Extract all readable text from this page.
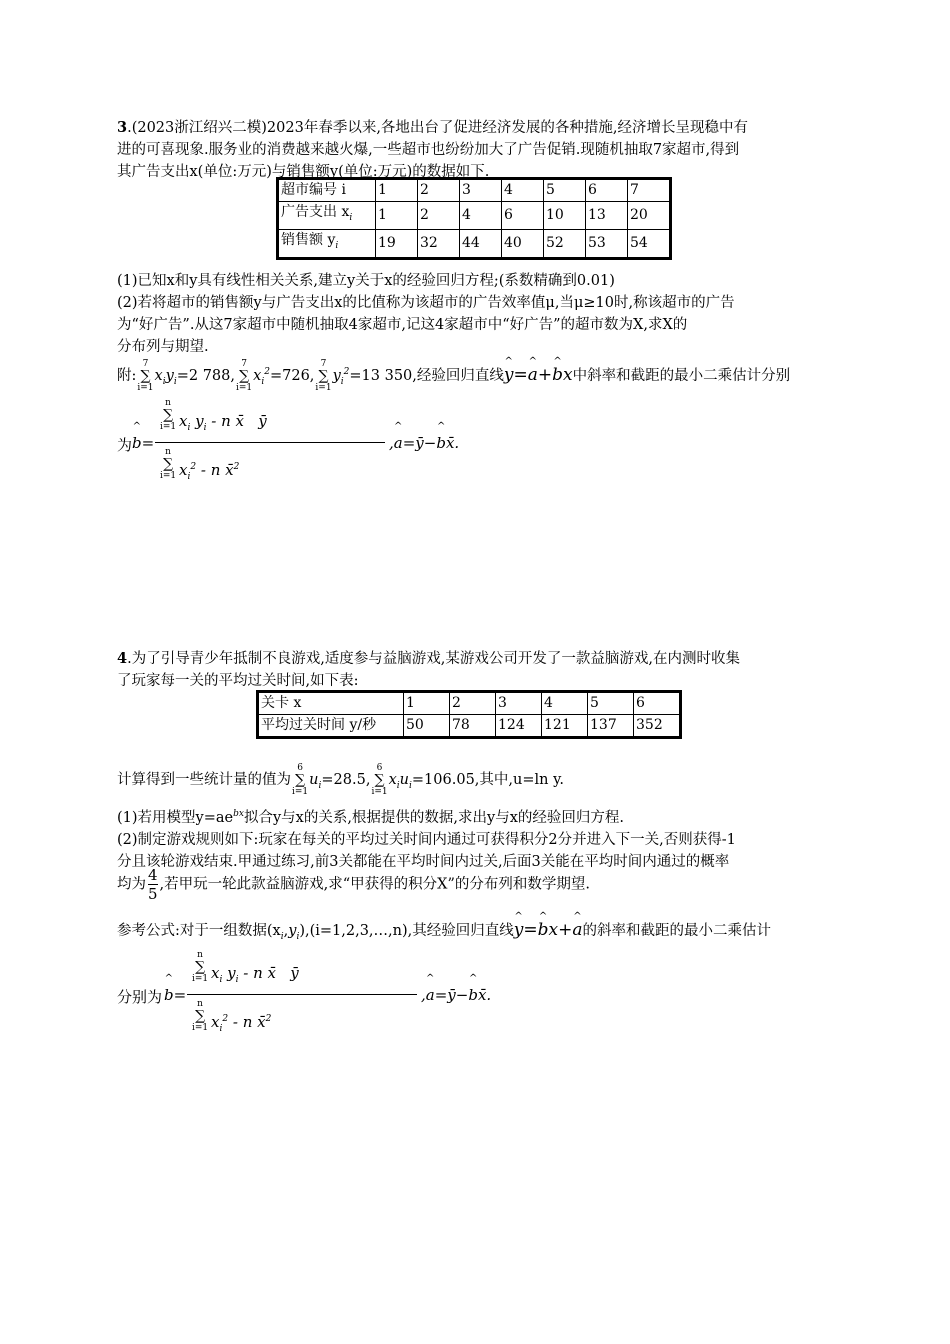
3.(2023浙江绍兴二模)2023年春季以来,各地出台了促进经济发展的各种措施,经济增长呈现稳中有
进的可喜现象.服务业的消费越来越火爆,一些超市也纷纷加大了广告促销.现随机抽取7家超市,得到
其广告支出x(单位:万元)与销售额y(单位:万元)的数据如下.
超市编号 i	1	2	3	4	5	6	7
广告支出 $x_i$	1	2	4	6	10	13	20
销售额 $y_i$	19	32	44	40	52	53	54
(1)已知x和y具有线性相关关系,建立y关于x的经验回归方程;(系数精确到0.01)
(2)若将超市的销售额y与广告支出x的比值称为该超市的广告效率值μ,当μ≥10时,称该超市的广告
为“好广告”.从这7家超市中随机抽取4家超市,记这4家超市中“好广告”的超市数为X,求X的
分布列与期望.
附:
7
∑
i=1
$x_iy_i=2$ 788,
7
∑
i=1
$x_i^2=726$,
7
∑
i=1
$y_i^2=13$ 350,经验回归直线^ y=^ a+^ bx中斜率和截距的最小二乘估计分别
为 ^ b=
n
∑
i=1 $x_i$ $y_i$ - n x̄   ȳ
n
∑
i=1 $x_i^2$ - n x̄$^2$
,^ a=ȳ−^ bx̄.
4.为了引导青少年抵制不良游戏,适度参与益脑游戏,某游戏公司开发了一款益脑游戏,在内测时收集
了玩家每一关的平均过关时间,如下表:
关卡 x	1	2	3	4	5	6
平均过关时间 y/秒	50	78	124	121	137	352
计算得到一些统计量的值为
6
∑
i=1
$u_i=28.5$,
6
∑
i=1
$x_iu_i=106.05$,其中,u=ln y.
(1)若用模型$y=ae^{bx}$拟合y与x的关系,根据提供的数据,求出y与x的经验回归方程.
(2)制定游戏规则如下:玩家在每关的平均过关时间内通过可获得积分2分并进入下一关,否则获得-1
分且该轮游戏结束.甲通过练习,前3关都能在平均时间内过关,后面3关能在平均时间内通过的概率
均为 $\frac{4}{5}$ ,若甲玩一轮此款益脑游戏,求“甲获得的积分X”的分布列和数学期望.
参考公式:对于一组数据$(x_i,y_i),(i=1,2,3,\dots,n)$,其经验回归直线^ y=^ bx+^ a的斜率和截距的最小二乘估计
分别为 ^ b=
n
∑
i=1 $x_i$ $y_i$ - n x̄   ȳ
n
∑
i=1 $x_i^2$ - n x̄$^2$
,^ a=ȳ−^ bx̄.
